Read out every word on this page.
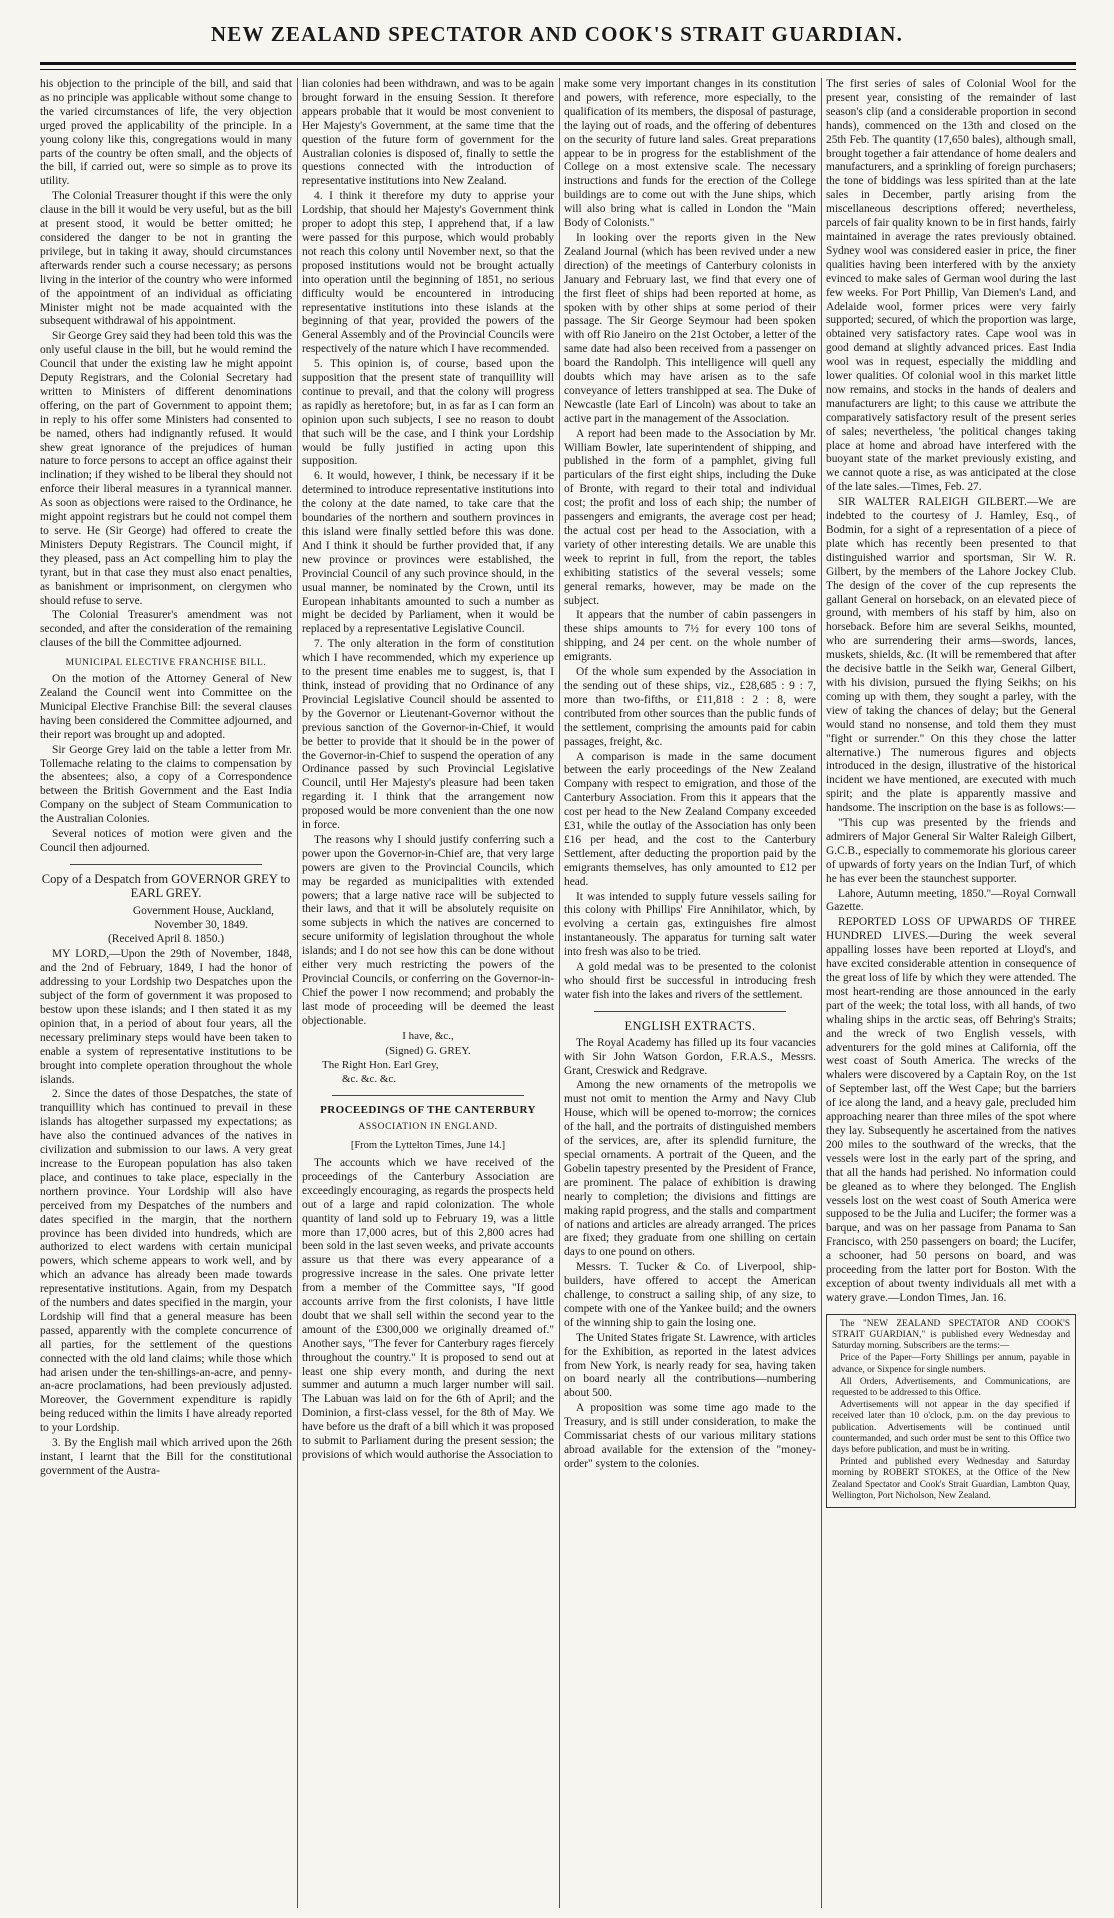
NEW ZEALAND SPECTATOR AND COOK'S STRAIT GUARDIAN.

his objection to the principle of the bill, and said that as no principle was applicable without some change to the varied circumstances of life, the very objection urged proved the applicability of the principle. In a young colony like this, congregations would in many parts of the country be often small, and the objects of the bill, if carried out, were so simple as to prove its utility.

The Colonial Treasurer thought if this were the only clause in the bill it would be very useful, but as the bill at present stood, it would be better omitted; he considered the danger to be not in granting the privilege, but in taking it away, should circumstances afterwards render such a course necessary; as persons living in the interior of the country who were informed of the appointment of an individual as officiating Minister might not be made acquainted with the subsequent withdrawal of his appointment.

Sir George Grey said they had been told this was the only useful clause in the bill, but he would remind the Council that under the existing law he might appoint Deputy Registrars, and the Colonial Secretary had written to Ministers of different denominations offering, on the part of Government to appoint them; in reply to his offer some Ministers had consented to be named, others had indignantly refused. It would shew great ignorance of the prejudices of human nature to force persons to accept an office against their inclination; if they wished to be liberal they should not enforce their liberal measures in a tyrannical manner. As soon as objections were raised to the Ordinance, he might appoint registrars but he could not compel them to serve. He (Sir George) had offered to create the Ministers Deputy Registrars. The Council might, if they pleased, pass an Act compelling him to play the tyrant, but in that case they must also enact penalties, as banishment or imprisonment, on clergymen who should refuse to serve.

The Colonial Treasurer's amendment was not seconded, and after the consideration of the remaining clauses of the bill the Committee adjourned.

MUNICIPAL ELECTIVE FRANCHISE BILL.

On the motion of the Attorney General of New Zealand the Council went into Committee on the Municipal Elective Franchise Bill: the several clauses having been considered the Committee adjourned, and their report was brought up and adopted.

Sir George Grey laid on the table a letter from Mr. Tollemache relating to the claims to compensation by the absentees; also, a copy of a Correspondence between the British Government and the East India Company on the subject of Steam Communication to the Australian Colonies.

Several notices of motion were given and the Council then adjourned.

Copy of a Despatch from GOVERNOR GREY to EARL GREY.
Government House, Auckland,
November 30, 1849.
(Received April 8. 1850.)

MY LORD,—Upon the 29th of November, 1848, and the 2nd of February, 1849, I had the honor of addressing to your Lordship two Despatches upon the subject of the form of government it was proposed to bestow upon these islands; and I then stated it as my opinion that, in a period of about four years, all the necessary preliminary steps would have been taken to enable a system of representative institutions to be brought into complete operation throughout the whole islands.

2. Since the dates of those Despatches, the state of tranquillity which has continued to prevail in these islands has altogether surpassed my expectations; as have also the continued advances of the natives in civilization and submission to our laws. A very great increase to the European population has also taken place, and continues to take place, especially in the northern province. Your Lordship will also have perceived from my Despatches of the numbers and dates specified in the margin, that the northern province has been divided into hundreds, which are authorized to elect wardens with certain municipal powers, which scheme appears to work well, and by which an advance has already been made towards representative institutions. Again, from my Despatch of the numbers and dates specified in the margin, your Lordship will find that a general measure has been passed, apparently with the complete concurrence of all parties, for the settlement of the questions connected with the old land claims; while those which had arisen under the ten-shillings-an-acre, and penny-an-acre proclamations, had been previously adjusted. Moreover, the Government expenditure is rapidly being reduced within the limits I have already reported to your Lordship.

3. By the English mail which arrived upon the 26th instant, I learnt that the Bill for the constitutional government of the Austra-

lian colonies had been withdrawn, and was to be again brought forward in the ensuing Session. It therefore appears probable that it would be most convenient to Her Majesty's Government, at the same time that the question of the future form of government for the Australian colonies is disposed of, finally to settle the questions connected with the introduction of representative institutions into New Zealand.

4. I think it therefore my duty to apprise your Lordship, that should her Majesty's Government think proper to adopt this step, I apprehend that, if a law were passed for this purpose, which would probably not reach this colony until November next, so that the proposed institutions would not be brought actually into operation until the beginning of 1851, no serious difficulty would be encountered in introducing representative institutions into these islands at the beginning of that year, provided the powers of the General Assembly and of the Provincial Councils were respectively of the nature which I have recommended.

5. This opinion is, of course, based upon the supposition that the present state of tranquillity will continue to prevail, and that the colony will progress as rapidly as heretofore; but, in as far as I can form an opinion upon such subjects, I see no reason to doubt that such will be the case, and I think your Lordship would be fully justified in acting upon this supposition.

6. It would, however, I think, be necessary if it be determined to introduce representative institutions into the colony at the date named, to take care that the boundaries of the northern and southern provinces in this island were finally settled before this was done. And I think it should be further provided that, if any new province or provinces were established, the Provincial Council of any such province should, in the usual manner, be nominated by the Crown, until its European inhabitants amounted to such a number as might be decided by Parliament, when it would be replaced by a representative Legislative Council.

7. The only alteration in the form of constitution which I have recommended, which my experience up to the present time enables me to suggest, is, that I think, instead of providing that no Ordinance of any Provincial Legislative Council should be assented to by the Governor or Lieutenant-Governor without the previous sanction of the Governor-in-Chief, it would be better to provide that it should be in the power of the Governor-in-Chief to suspend the operation of any Ordinance passed by such Provincial Legislative Council, until Her Majesty's pleasure had been taken regarding it. I think that the arrangement now proposed would be more convenient than the one now in force.

The reasons why I should justify conferring such a power upon the Governor-in-Chief are, that very large powers are given to the Provincial Councils, which may be regarded as municipalities with extended powers; that a large native race will be subjected to their laws, and that it will be absolutely requisite on some subjects in which the natives are concerned to secure uniformity of legislation throughout the whole islands; and I do not see how this can be done without either very much restricting the powers of the Provincial Councils, or conferring on the Governor-in-Chief the power I now recommend; and probably the last mode of proceeding will be deemed the least objectionable.

I have, &c.,
(Signed) G. GREY.
The Right Hon. Earl Grey,
&c. &c. &c.
PROCEEDINGS OF THE CANTERBURY
ASSOCIATION IN ENGLAND.
[From the Lyttelton Times, June 14.]

The accounts which we have received of the proceedings of the Canterbury Association are exceedingly encouraging, as regards the prospects held out of a large and rapid colonization. The whole quantity of land sold up to February 19, was a little more than 17,000 acres, but of this 2,800 acres had been sold in the last seven weeks, and private accounts assure us that there was every appearance of a progressive increase in the sales. One private letter from a member of the Committee says, "If good accounts arrive from the first colonists, I have little doubt that we shall sell within the second year to the amount of the £300,000 we originally dreamed of." Another says, "The fever for Canterbury rages fiercely throughout the country." It is proposed to send out at least one ship every month, and during the next summer and autumn a much larger number will sail. The Labuan was laid on for the 6th of April; and the Dominion, a first-class vessel, for the 8th of May. We have before us the draft of a bill which it was proposed to submit to Parliament during the present session; the provisions of which would authorise the Association to

make some very important changes in its constitution and powers, with reference, more especially, to the qualification of its members, the disposal of pasturage, the laying out of roads, and the offering of debentures on the security of future land sales. Great preparations appear to be in progress for the establishment of the College on a most extensive scale. The necessary instructions and funds for the erection of the College buildings are to come out with the June ships, which will also bring what is called in London the "Main Body of Colonists."

In looking over the reports given in the New Zealand Journal (which has been revived under a new direction) of the meetings of Canterbury colonists in January and February last, we find that every one of the first fleet of ships had been reported at home, as spoken with by other ships at some period of their passage. The Sir George Seymour had been spoken with off Rio Janeiro on the 21st October, a letter of the same date had also been received from a passenger on board the Randolph. This intelligence will quell any doubts which may have arisen as to the safe conveyance of letters transhipped at sea. The Duke of Newcastle (late Earl of Lincoln) was about to take an active part in the management of the Association.

A report had been made to the Association by Mr. William Bowler, late superintendent of shipping, and published in the form of a pamphlet, giving full particulars of the first eight ships, including the Duke of Bronte, with regard to their total and individual cost; the profit and loss of each ship; the number of passengers and emigrants, the average cost per head; the actual cost per head to the Association, with a variety of other interesting details. We are unable this week to reprint in full, from the report, the tables exhibiting statistics of the several vessels; some general remarks, however, may be made on the subject.

It appears that the number of cabin passengers in these ships amounts to 7½ for every 100 tons of shipping, and 24 per cent. on the whole number of emigrants.

Of the whole sum expended by the Association in the sending out of these ships, viz., £28,685 : 9 : 7, more than two-fifths, or £11,818 : 2 : 8, were contributed from other sources than the public funds of the settlement, comprising the amounts paid for cabin passages, freight, &c.

A comparison is made in the same document between the early proceedings of the New Zealand Company with respect to emigration, and those of the Canterbury Association. From this it appears that the cost per head to the New Zealand Company exceeded £31, while the outlay of the Association has only been £16 per head, and the cost to the Canterbury Settlement, after deducting the proportion paid by the emigrants themselves, has only amounted to £12 per head.

It was intended to supply future vessels sailing for this colony with Phillips' Fire Annihilator, which, by evolving a certain gas, extinguishes fire almost instantaneously. The apparatus for turning salt water into fresh was also to be tried.

A gold medal was to be presented to the colonist who should first be successful in introducing fresh water fish into the lakes and rivers of the settlement.

ENGLISH EXTRACTS.

The Royal Academy has filled up its four vacancies with Sir John Watson Gordon, F.R.A.S., Messrs. Grant, Creswick and Redgrave.

Among the new ornaments of the metropolis we must not omit to mention the Army and Navy Club House, which will be opened to-morrow; the cornices of the hall, and the portraits of distinguished members of the services, are, after its splendid furniture, the special ornaments. A portrait of the Queen, and the Gobelin tapestry presented by the President of France, are prominent. The palace of exhibition is drawing nearly to completion; the divisions and fittings are making rapid progress, and the stalls and compartment of nations and articles are already arranged. The prices are fixed; they graduate from one shilling on certain days to one pound on others.

Messrs. T. Tucker & Co. of Liverpool, ship-builders, have offered to accept the American challenge, to construct a sailing ship, of any size, to compete with one of the Yankee build; and the owners of the winning ship to gain the losing one.

The United States frigate St. Lawrence, with articles for the Exhibition, as reported in the latest advices from New York, is nearly ready for sea, having taken on board nearly all the contributions—numbering about 500.

A proposition was some time ago made to the Treasury, and is still under consideration, to make the Commissariat chests of our various military stations abroad available for the extension of the "money-order" system to the colonies.

The first series of sales of Colonial Wool for the present year, consisting of the remainder of last season's clip (and a considerable proportion in second hands), commenced on the 13th and closed on the 25th Feb. The quantity (17,650 bales), although small, brought together a fair attendance of home dealers and manufacturers, and a sprinkling of foreign purchasers; the tone of biddings was less spirited than at the late sales in December, partly arising from the miscellaneous descriptions offered; nevertheless, parcels of fair quality known to be in first hands, fairly maintained in average the rates previously obtained. Sydney wool was considered easier in price, the finer qualities having been interfered with by the anxiety evinced to make sales of German wool during the last few weeks. For Port Phillip, Van Diemen's Land, and Adelaide wool, former prices were very fairly supported; secured, of which the proportion was large, obtained very satisfactory rates. Cape wool was in good demand at slightly advanced prices. East India wool was in request, especially the middling and lower qualities. Of colonial wool in this market little now remains, and stocks in the hands of dealers and manufacturers are light; to this cause we attribute the comparatively satisfactory result of the present series of sales; nevertheless, 'the political changes taking place at home and abroad have interfered with the buoyant state of the market previously existing, and we cannot quote a rise, as was anticipated at the close of the late sales.—Times, Feb. 27.

SIR WALTER RALEIGH GILBERT.—We are indebted to the courtesy of J. Hamley, Esq., of Bodmin, for a sight of a representation of a piece of plate which has recently been presented to that distinguished warrior and sportsman, Sir W. R. Gilbert, by the members of the Lahore Jockey Club. The design of the cover of the cup represents the gallant General on horseback, on an elevated piece of ground, with members of his staff by him, also on horseback. Before him are several Seikhs, mounted, who are surrendering their arms—swords, lances, muskets, shields, &c. (It will be remembered that after the decisive battle in the Seikh war, General Gilbert, with his division, pursued the flying Seikhs; on his coming up with them, they sought a parley, with the view of taking the chances of delay; but the General would stand no nonsense, and told them they must "fight or surrender." On this they chose the latter alternative.) The numerous figures and objects introduced in the design, illustrative of the historical incident we have mentioned, are executed with much spirit; and the plate is apparently massive and handsome. The inscription on the base is as follows:—

"This cup was presented by the friends and admirers of Major General Sir Walter Raleigh Gilbert, G.C.B., especially to commemorate his glorious career of upwards of forty years on the Indian Turf, of which he has ever been the staunchest supporter.

Lahore, Autumn meeting, 1850."—Royal Cornwall Gazette.

REPORTED LOSS OF UPWARDS OF THREE HUNDRED LIVES.—During the week several appalling losses have been reported at Lloyd's, and have excited considerable attention in consequence of the great loss of life by which they were attended. The most heart-rending are those announced in the early part of the week; the total loss, with all hands, of two whaling ships in the arctic seas, off Behring's Straits; and the wreck of two English vessels, with adventurers for the gold mines at California, off the west coast of South America. The wrecks of the whalers were discovered by a Captain Roy, on the 1st of September last, off the West Cape; but the barriers of ice along the land, and a heavy gale, precluded him approaching nearer than three miles of the spot where they lay. Subsequently he ascertained from the natives 200 miles to the southward of the wrecks, that the vessels were lost in the early part of the spring, and that all the hands had perished. No information could be gleaned as to where they belonged. The English vessels lost on the west coast of South America were supposed to be the Julia and Lucifer; the former was a barque, and was on her passage from Panama to San Francisco, with 250 passengers on board; the Lucifer, a schooner, had 50 persons on board, and was proceeding from the latter port for Boston. With the exception of about twenty individuals all met with a watery grave.—London Times, Jan. 16.

The "NEW ZEALAND SPECTATOR AND COOK'S STRAIT GUARDIAN," is published every Wednesday and Saturday morning. Subscribers are the terms:—

Price of the Paper—Forty Shillings per annum, payable in advance, or Sixpence for single numbers.

All Orders, Advertisements, and Communications, are requested to be addressed to this Office.

Advertisements will not appear in the day specified if received later than 10 o'clock, p.m. on the day previous to publication. Advertisements will be continued until countermanded, and such order must be sent to this Office two days before publication, and must be in writing.

Printed and published every Wednesday and Saturday morning by ROBERT STOKES, at the Office of the New Zealand Spectator and Cook's Strait Guardian, Lambton Quay, Wellington, Port Nicholson, New Zealand.
